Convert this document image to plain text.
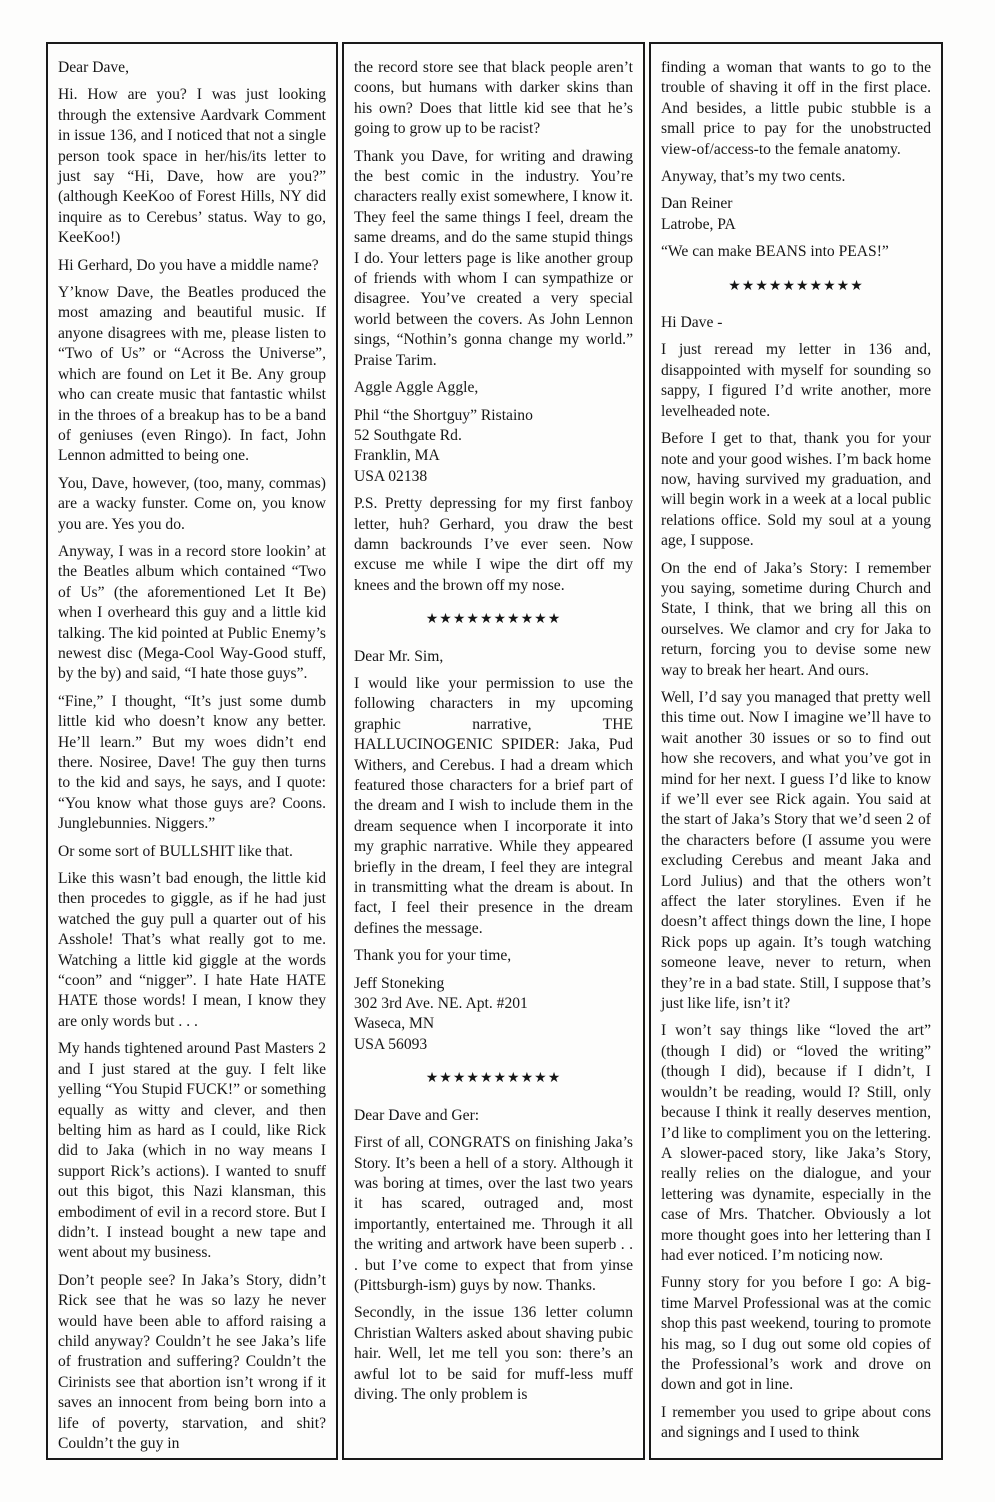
Dear Dave,

Hi. How are you? I was just looking through the extensive Aardvark Comment in issue 136, and I noticed that not a single person took space in her/his/its letter to just say “Hi, Dave, how are you?” (although KeeKoo of Forest Hills, NY did inquire as to Cerebus’ status. Way to go, KeeKoo!)

Hi Gerhard, Do you have a middle name?

Y’know Dave, the Beatles produced the most amazing and beautiful music. If anyone disagrees with me, please listen to “Two of Us” or “Across the Universe”, which are found on Let it Be. Any group who can create music that fantastic whilst in the throes of a breakup has to be a band of geniuses (even Ringo). In fact, John Lennon admitted to being one.

You, Dave, however, (too, many, commas) are a wacky funster. Come on, you know you are. Yes you do.

Anyway, I was in a record store lookin’ at the Beatles album which contained “Two of Us” (the aforementioned Let It Be) when I overheard this guy and a little kid talking. The kid pointed at Public Enemy’s newest disc (Mega-Cool Way-Good stuff, by the by) and said, “I hate those guys”.

“Fine,” I thought, “It’s just some dumb little kid who doesn’t know any better. He’ll learn.” But my woes didn’t end there. Nosiree, Dave! The guy then turns to the kid and says, he says, and I quote: “You know what those guys are? Coons. Junglebunnies. Niggers.”

Or some sort of BULLSHIT like that.

Like this wasn’t bad enough, the little kid then procedes to giggle, as if he had just watched the guy pull a quarter out of his Asshole! That’s what really got to me. Watching a little kid giggle at the words “coon” and “nigger”. I hate Hate HATE HATE those words! I mean, I know they are only words but . . .

My hands tightened around Past Masters 2 and I just stared at the guy. I felt like yelling “You Stupid FUCK!” or something equally as witty and clever, and then belting him as hard as I could, like Rick did to Jaka (which in no way means I support Rick’s actions). I wanted to snuff out this bigot, this Nazi klansman, this embodiment of evil in a record store. But I didn’t. I instead bought a new tape and went about my business.

Don’t people see? In Jaka’s Story, didn’t Rick see that he was so lazy he never would have been able to afford raising a child anyway? Couldn’t he see Jaka’s life of frustration and suffering? Couldn’t the Cirinists see that abortion isn’t wrong if it saves an innocent from being born into a life of poverty, starvation, and shit? Couldn’t the guy in

the record store see that black people aren’t coons, but humans with darker skins than his own? Does that little kid see that he’s going to grow up to be racist?

Thank you Dave, for writing and drawing the best comic in the industry. You’re characters really exist somewhere, I know it. They feel the same things I feel, dream the same dreams, and do the same stupid things I do. Your letters page is like another group of friends with whom I can sympathize or disagree. You’ve created a very special world between the covers. As John Lennon sings, “Nothin’s gonna change my world.” Praise Tarim.

Aggle Aggle Aggle,

Phil “the Shortguy” Ristaino
52 Southgate Rd.
Franklin, MA
USA 02138

P.S. Pretty depressing for my first fanboy letter, huh? Gerhard, you draw the best damn backrounds I’ve ever seen. Now excuse me while I wipe the dirt off my knees and the brown off my nose.

★★★★★★★★★★

Dear Mr. Sim,

I would like your permission to use the following characters in my upcoming graphic narrative, THE HALLUCINOGENIC SPIDER: Jaka, Pud Withers, and Cerebus. I had a dream which featured those characters for a brief part of the dream and I wish to include them in the dream sequence when I incorporate it into my graphic narrative. While they appeared briefly in the dream, I feel they are integral in transmitting what the dream is about. In fact, I feel their presence in the dream defines the message.

Thank you for your time,

Jeff Stoneking
302 3rd Ave. NE. Apt. #201
Waseca, MN
USA 56093
★★★★★★★★★★

Dear Dave and Ger:

First of all, CONGRATS on finishing Jaka’s Story. It’s been a hell of a story. Although it was boring at times, over the last two years it has scared, outraged and, most importantly, entertained me. Through it all the writing and artwork have been superb . . . but I’ve come to expect that from yinse (Pittsburgh-ism) guys by now. Thanks.

Secondly, in the issue 136 letter column Christian Walters asked about shaving pubic hair. Well, let me tell you son: there’s an awful lot to be said for muff-less muff diving. The only problem is

finding a woman that wants to go to the trouble of shaving it off in the first place. And besides, a little pubic stubble is a small price to pay for the unobstructed view-of/access-to the female anatomy.

Anyway, that’s my two cents.

Dan Reiner
Latrobe, PA

“We can make BEANS into PEAS!”

★★★★★★★★★★

Hi Dave -

I just reread my letter in 136 and, disappointed with myself for sounding so sappy, I figured I’d write another, more levelheaded note.

Before I get to that, thank you for your note and your good wishes. I’m back home now, having survived my graduation, and will begin work in a week at a local public relations office. Sold my soul at a young age, I suppose.

On the end of Jaka’s Story: I remember you saying, sometime during Church and State, I think, that we bring all this on ourselves. We clamor and cry for Jaka to return, forcing you to devise some new way to break her heart. And ours.

Well, I’d say you managed that pretty well this time out. Now I imagine we’ll have to wait another 30 issues or so to find out how she recovers, and what you’ve got in mind for her next. I guess I’d like to know if we’ll ever see Rick again. You said at the start of Jaka’s Story that we’d seen 2 of the characters before (I assume you were excluding Cerebus and meant Jaka and Lord Julius) and that the others won’t affect the later storylines. Even if he doesn’t affect things down the line, I hope Rick pops up again. It’s tough watching someone leave, never to return, when they’re in a bad state. Still, I suppose that’s just like life, isn’t it?

I won’t say things like “loved the art” (though I did) or “loved the writing” (though I did), because if I didn’t, I wouldn’t be reading, would I? Still, only because I think it really deserves mention, I’d like to compliment you on the lettering. A slower-paced story, like Jaka’s Story, really relies on the dialogue, and your lettering was dynamite, especially in the case of Mrs. Thatcher. Obviously a lot more thought goes into her lettering than I had ever noticed. I’m noticing now.

Funny story for you before I go: A big-time Marvel Professional was at the comic shop this past weekend, touring to promote his mag, so I dug out some old copies of the Professional’s work and drove on down and got in line.

I remember you used to gripe about cons and signings and I used to think
